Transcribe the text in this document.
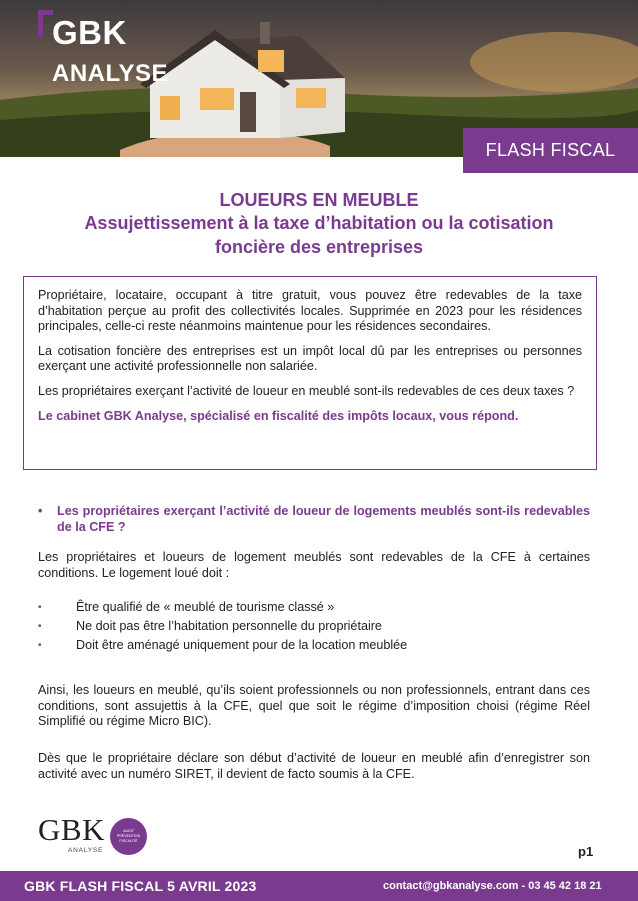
GBK
ANALYSE
FLASH FISCAL
LOUEURS EN MEUBLE
Assujettissement à la taxe d’habitation ou la cotisation
foncière des entreprises

Propriétaire, locataire, occupant à titre gratuit, vous pouvez être redevables de la taxe d’habitation perçue au profit des collectivités locales. Supprimée en 2023 pour les résidences principales, celle-ci reste néanmoins maintenue pour les résidences secondaires.

La cotisation foncière des entreprises est un impôt local dû par les entreprises ou personnes exerçant une activité professionnelle non salariée.

Les propriétaires exerçant l’activité de loueur en meublé sont-ils redevables de ces deux taxes ?

Le cabinet GBK Analyse, spécialisé en fiscalité des impôts locaux, vous répond.

• Les propriétaires exerçant l’activité de loueur de logements meublés sont-ils redevables de la CFE ?
Les propriétaires et loueurs de logement meublés sont redevables de la CFE à certaines conditions. Le logement loué doit :
•	Être qualifié de « meublé de tourisme classé »
•	Ne doit pas être l’habitation personnelle du propriétaire
•	Doit être aménagé uniquement pour de la location meublée
Ainsi, les loueurs en meublé, qu’ils soient professionnels ou non professionnels, entrant dans ces conditions, sont assujettis à la CFE, quel que soit le régime d’imposition choisi (régime Réel Simplifié ou régime Micro BIC).
Dès que le propriétaire déclare son début d’activité de loueur en meublé afin d’enregistrer son activité avec un numéro SIRET, il devient de facto soumis à la CFE.
GBK
ANALYSE
AUDIT
PRÉVENTION
FISCALITÉ
p1
GBK FLASH FISCAL 5 AVRIL 2023	contact@gbkanalyse.com - 03 45 42 18 21
